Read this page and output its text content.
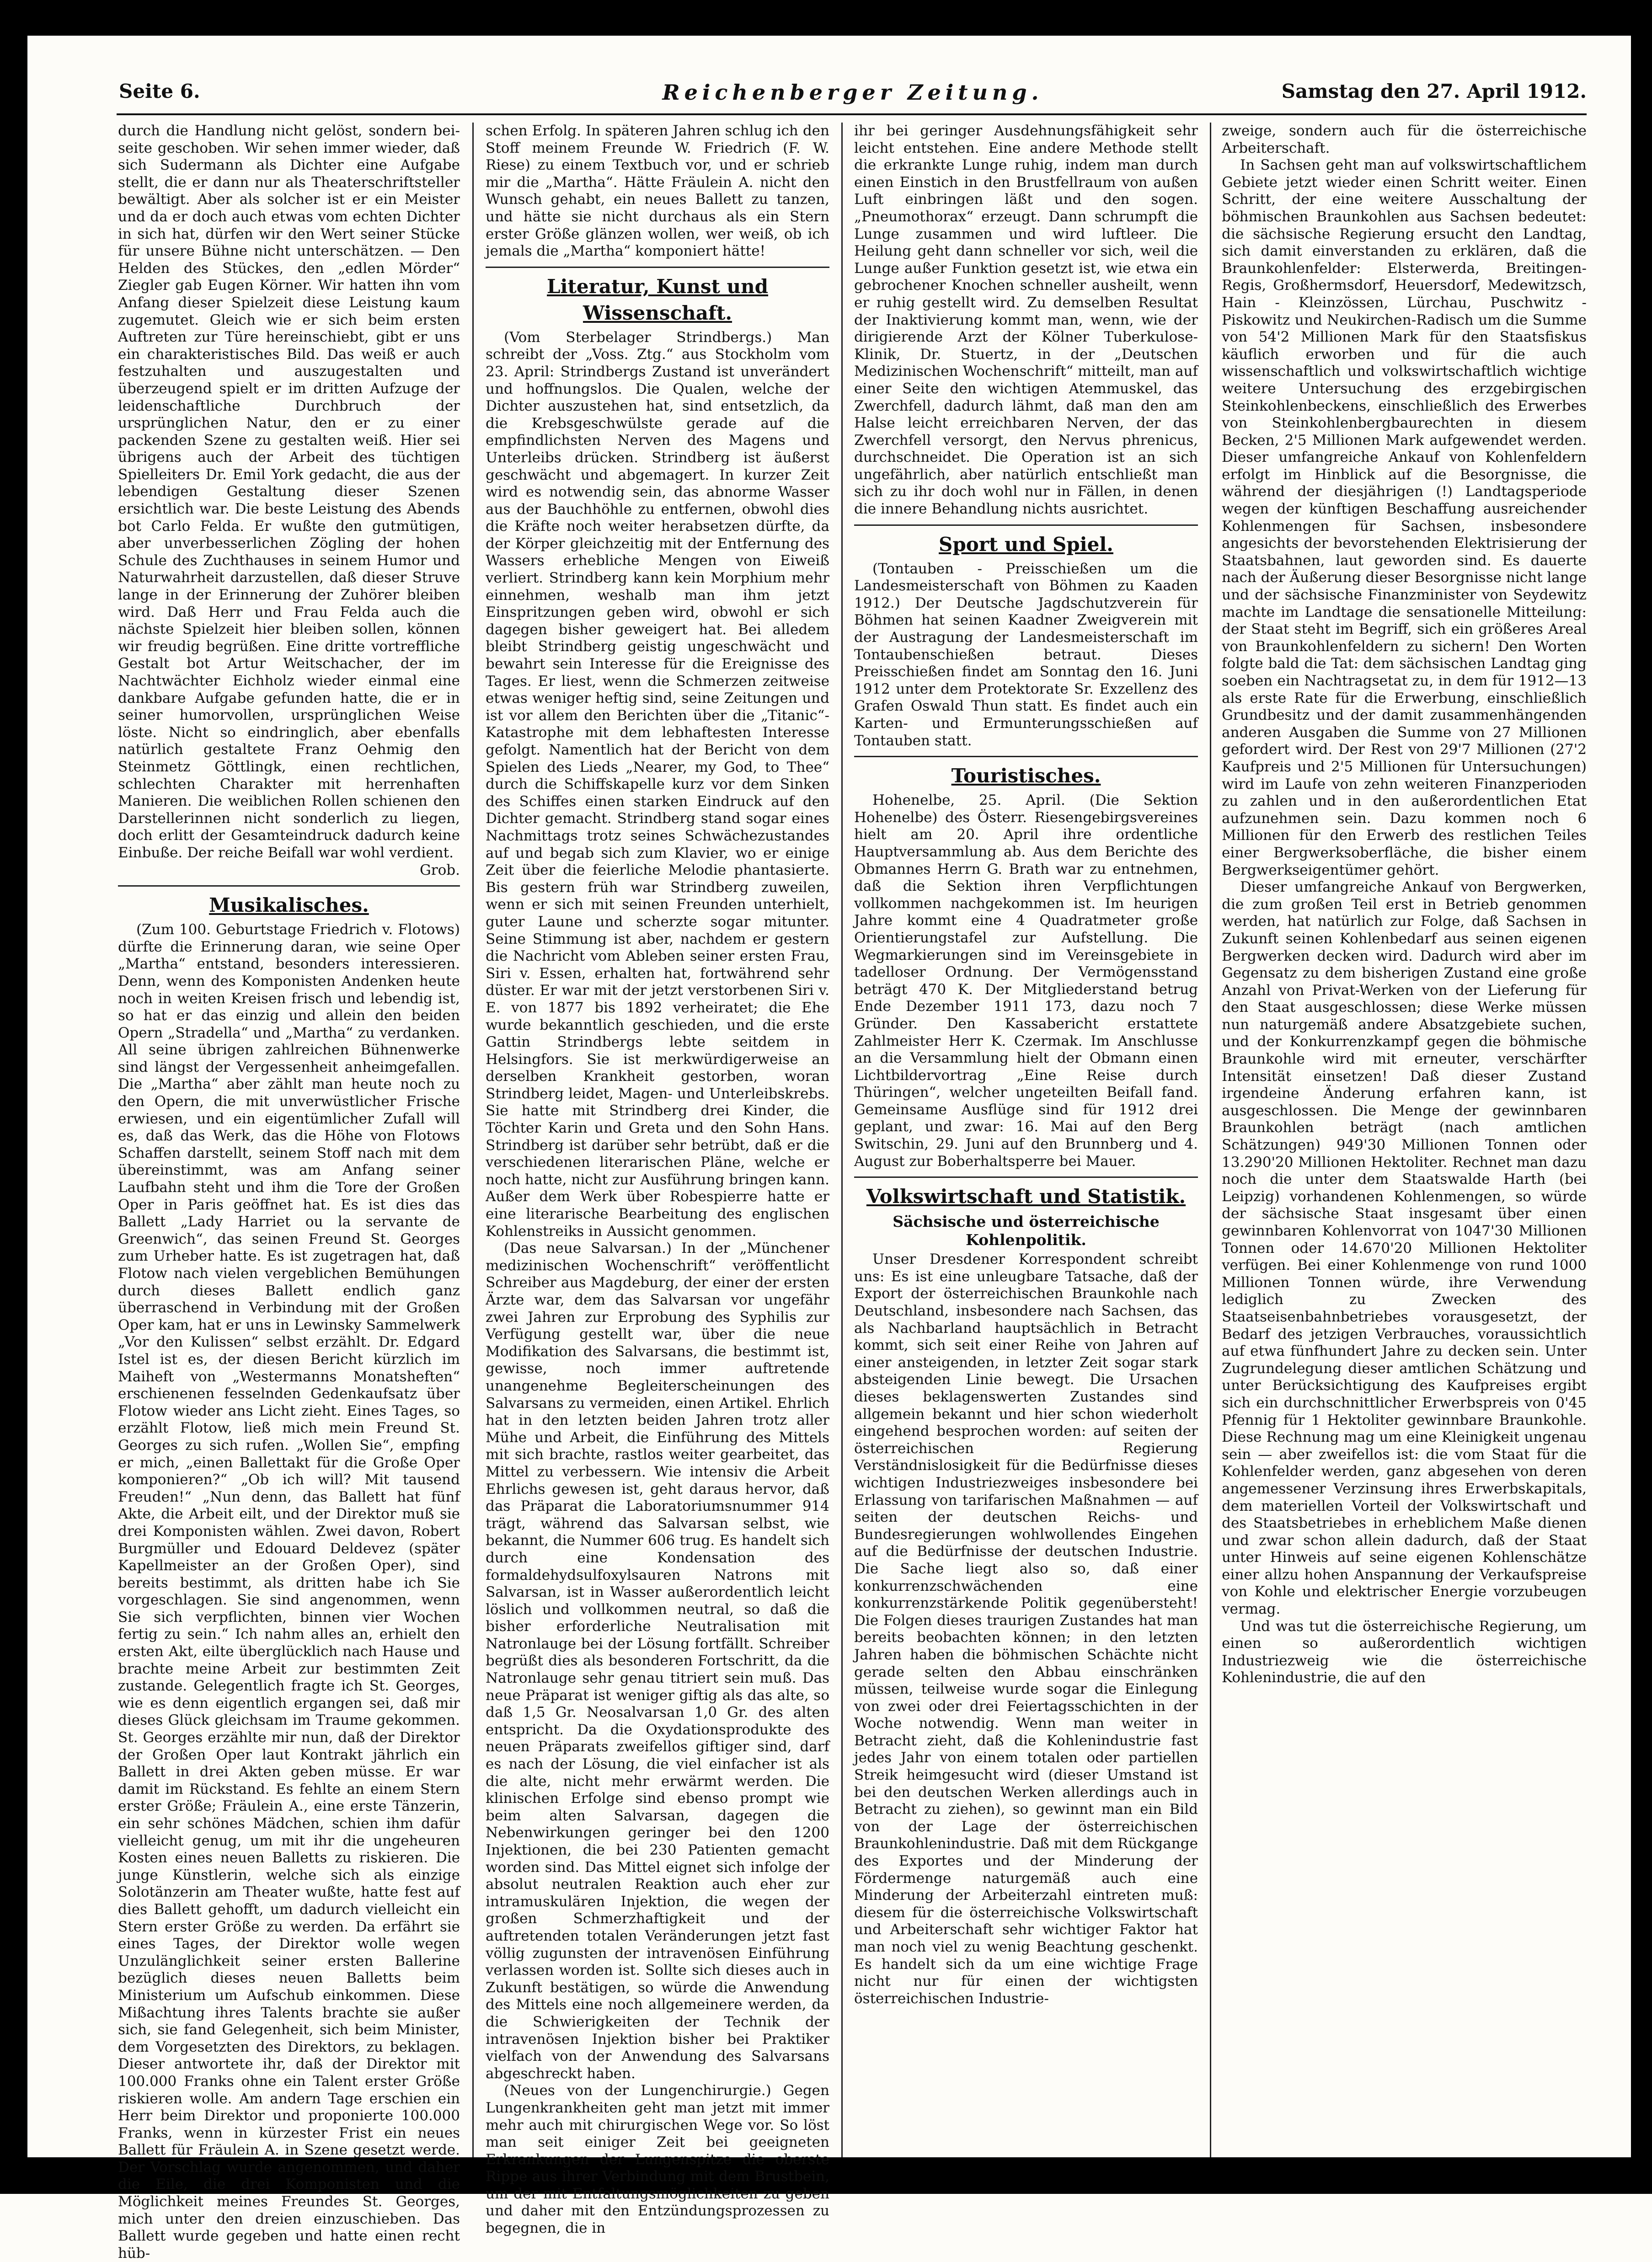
Seite 6.	Reichenberger Zeitung.	Samstag den 27. April 1912.

durch die Handlung nicht gelöst, sondern bei- seite geschoben. Wir sehen immer wieder, daß sich Sudermann als Dichter eine Aufgabe stellt, die er dann nur als Theaterschriftsteller bewältigt. Aber als solcher ist er ein Meister und da er doch auch etwas vom echten Dichter in sich hat, dürfen wir den Wert seiner Stücke für unsere Bühne nicht unterschätzen. — Den Helden des Stückes, den „edlen Mörder“ Ziegler gab Eugen Körner. Wir hatten ihn vom Anfang dieser Spielzeit diese Leistung kaum zugemutet. Gleich wie er sich beim ersten Auftreten zur Türe hereinschiebt, gibt er uns ein charakteristisches Bild. Das weiß er auch festzuhalten und auszugestalten und überzeugend spielt er im dritten Aufzuge der leidenschaftliche Durchbruch der ursprünglichen Natur, den er zu einer packenden Szene zu gestalten weiß. Hier sei übrigens auch der Arbeit des tüchtigen Spielleiters Dr. Emil York gedacht, die aus der lebendigen Gestaltung dieser Szenen ersichtlich war. Die beste Leistung des Abends bot Carlo Felda. Er wußte den gutmütigen, aber unverbesserlichen Zögling der hohen Schule des Zuchthauses in seinem Humor und Naturwahrheit darzustellen, daß dieser Struve lange in der Erinnerung der Zuhörer bleiben wird. Daß Herr und Frau Felda auch die nächste Spielzeit hier bleiben sollen, können wir freudig begrüßen. Eine dritte vortreffliche Gestalt bot Artur Weitschacher, der im Nachtwächter Eichholz wieder einmal eine dankbare Aufgabe gefunden hatte, die er in seiner humorvollen, ursprünglichen Weise löste. Nicht so eindringlich, aber ebenfalls natürlich gestaltete Franz Oehmig den Steinmetz Göttlingk, einen rechtlichen, schlechten Charakter mit herrenhaften Manieren. Die weiblichen Rollen schienen den Darstellerinnen nicht sonderlich zu liegen, doch erlitt der Gesamteindruck dadurch keine Einbuße. Der reiche Beifall war wohl verdient.

Grob.
Musikalisches.

(Zum 100. Geburtstage Friedrich v. Flotows) dürfte die Erinnerung daran, wie seine Oper „Martha“ entstand, besonders interessieren. Denn, wenn des Komponisten Andenken heute noch in weiten Kreisen frisch und lebendig ist, so hat er das einzig und allein den beiden Opern „Stradella“ und „Martha“ zu verdanken. All seine übrigen zahlreichen Bühnenwerke sind längst der Vergessenheit anheimgefallen. Die „Martha“ aber zählt man heute noch zu den Opern, die mit unverwüstlicher Frische erwiesen, und ein eigentümlicher Zufall will es, daß das Werk, das die Höhe von Flotows Schaffen darstellt, seinem Stoff nach mit dem übereinstimmt, was am Anfang seiner Laufbahn steht und ihm die Tore der Großen Oper in Paris geöffnet hat. Es ist dies das Ballett „Lady Harriet ou la servante de Greenwich“, das seinen Freund St. Georges zum Urheber hatte. Es ist zugetragen hat, daß Flotow nach vielen vergeblichen Bemühungen durch dieses Ballett endlich ganz überraschend in Verbindung mit der Großen Oper kam, hat er uns in Lewinsky Sammelwerk „Vor den Kulissen“ selbst erzählt. Dr. Edgard Istel ist es, der diesen Bericht kürzlich im Maiheft von „Westermanns Monatsheften“ erschienenen fesselnden Gedenkaufsatz über Flotow wieder ans Licht zieht. Eines Tages, so erzählt Flotow, ließ mich mein Freund St. Georges zu sich rufen. „Wollen Sie“, empfing er mich, „einen Ballettakt für die Große Oper komponieren?“ „Ob ich will? Mit tausend Freuden!“ „Nun denn, das Ballett hat fünf Akte, die Arbeit eilt, und der Direktor muß sie drei Komponisten wählen. Zwei davon, Robert Burgmüller und Edouard Deldevez (später Kapellmeister an der Großen Oper), sind bereits bestimmt, als dritten habe ich Sie vorgeschlagen. Sie sind angenommen, wenn Sie sich verpflichten, binnen vier Wochen fertig zu sein.“ Ich nahm alles an, erhielt den ersten Akt, eilte überglücklich nach Hause und brachte meine Arbeit zur bestimmten Zeit zustande. Gelegentlich fragte ich St. Georges, wie es denn eigentlich ergangen sei, daß mir dieses Glück gleichsam im Traume gekommen. St. Georges erzählte mir nun, daß der Direktor der Großen Oper laut Kontrakt jährlich ein Ballett in drei Akten geben müsse. Er war damit im Rückstand. Es fehlte an einem Stern erster Größe; Fräulein A., eine erste Tänzerin, ein sehr schönes Mädchen, schien ihm dafür vielleicht genug, um mit ihr die ungeheuren Kosten eines neuen Balletts zu riskieren. Die junge Künstlerin, welche sich als einzige Solotänzerin am Theater wußte, hatte fest auf dies Ballett gehofft, um dadurch vielleicht ein Stern erster Größe zu werden. Da erfährt sie eines Tages, der Direktor wolle wegen Unzulänglichkeit seiner ersten Ballerine bezüglich dieses neuen Balletts beim Ministerium um Aufschub einkommen. Diese Mißachtung ihres Talents brachte sie außer sich, sie fand Gelegenheit, sich beim Minister, dem Vorgesetzten des Direktors, zu beklagen. Dieser antwortete ihr, daß der Direktor mit 100.000 Franks ohne ein Talent erster Größe riskieren wolle. Am andern Tage erschien ein Herr beim Direktor und proponierte 100.000 Franks, wenn in kürzester Frist ein neues Ballett für Fräulein A. in Szene gesetzt werde. Der Vorschlag wurde angenommen, und daher die Eile, die drei Komponisten und die Möglichkeit meines Freundes St. Georges, mich unter den dreien einzuschieben. Das Ballett wurde gegeben und hatte einen recht hüb-

schen Erfolg. In späteren Jahren schlug ich den Stoff meinem Freunde W. Friedrich (F. W. Riese) zu einem Textbuch vor, und er schrieb mir die „Martha“. Hätte Fräulein A. nicht den Wunsch gehabt, ein neues Ballett zu tanzen, und hätte sie nicht durchaus als ein Stern erster Größe glänzen wollen, wer weiß, ob ich jemals die „Martha“ komponiert hätte!

Literatur, Kunst und Wissenschaft.

(Vom Sterbelager Strindbergs.) Man schreibt der „Voss. Ztg.“ aus Stockholm vom 23. April: Strindbergs Zustand ist unverändert und hoffnungslos. Die Qualen, welche der Dichter auszustehen hat, sind entsetzlich, da die Krebsgeschwülste gerade auf die empfindlichsten Nerven des Magens und Unterleibs drücken. Strindberg ist äußerst geschwächt und abgemagert. In kurzer Zeit wird es notwendig sein, das abnorme Wasser aus der Bauchhöhle zu entfernen, obwohl dies die Kräfte noch weiter herabsetzen dürfte, da der Körper gleichzeitig mit der Entfernung des Wassers erhebliche Mengen von Eiweiß verliert. Strindberg kann kein Morphium mehr einnehmen, weshalb man ihm jetzt Einspritzungen geben wird, obwohl er sich dagegen bisher geweigert hat. Bei alledem bleibt Strindberg geistig ungeschwächt und bewahrt sein Interesse für die Ereignisse des Tages. Er liest, wenn die Schmerzen zeitweise etwas weniger heftig sind, seine Zeitungen und ist vor allem den Berichten über die „Titanic“-Katastrophe mit dem lebhaftesten Interesse gefolgt. Namentlich hat der Bericht von dem Spielen des Lieds „Nearer, my God, to Thee“ durch die Schiffskapelle kurz vor dem Sinken des Schiffes einen starken Eindruck auf den Dichter gemacht. Strindberg stand sogar eines Nachmittags trotz seines Schwächezustandes auf und begab sich zum Klavier, wo er einige Zeit über die feierliche Melodie phantasierte. Bis gestern früh war Strindberg zuweilen, wenn er sich mit seinen Freunden unterhielt, guter Laune und scherzte sogar mitunter. Seine Stimmung ist aber, nachdem er gestern die Nachricht vom Ableben seiner ersten Frau, Siri v. Essen, erhalten hat, fortwährend sehr düster. Er war mit der jetzt verstorbenen Siri v. E. von 1877 bis 1892 verheiratet; die Ehe wurde bekanntlich geschieden, und die erste Gattin Strindbergs lebte seitdem in Helsingfors. Sie ist merkwürdigerweise an derselben Krankheit gestorben, woran Strindberg leidet, Magen- und Unterleibskrebs. Sie hatte mit Strindberg drei Kinder, die Töchter Karin und Greta und den Sohn Hans. Strindberg ist darüber sehr betrübt, daß er die verschiedenen literarischen Pläne, welche er noch hatte, nicht zur Ausführung bringen kann. Außer dem Werk über Robespierre hatte er eine literarische Bearbeitung des englischen Kohlenstreiks in Aussicht genommen.

(Das neue Salvarsan.) In der „Münchener medizinischen Wochenschrift“ veröffentlicht Schreiber aus Magdeburg, der einer der ersten Ärzte war, dem das Salvarsan vor ungefähr zwei Jahren zur Erprobung des Syphilis zur Verfügung gestellt war, über die neue Modifikation des Salvarsans, die bestimmt ist, gewisse, noch immer auftretende unangenehme Begleiterscheinungen des Salvarsans zu vermeiden, einen Artikel. Ehrlich hat in den letzten beiden Jahren trotz aller Mühe und Arbeit, die Einführung des Mittels mit sich brachte, rastlos weiter gearbeitet, das Mittel zu verbessern. Wie intensiv die Arbeit Ehrlichs gewesen ist, geht daraus hervor, daß das Präparat die Laboratoriumsnummer 914 trägt, während das Salvarsan selbst, wie bekannt, die Nummer 606 trug. Es handelt sich durch eine Kondensation des formaldehydsulfoxylsauren Natrons mit Salvarsan, ist in Wasser außerordentlich leicht löslich und vollkommen neutral, so daß die bisher erforderliche Neutralisation mit Natronlauge bei der Lösung fortfällt. Schreiber begrüßt dies als besonderen Fortschritt, da die Natronlauge sehr genau titriert sein muß. Das neue Präparat ist weniger giftig als das alte, so daß 1,5 Gr. Neosalvarsan 1,0 Gr. des alten entspricht. Da die Oxydationsprodukte des neuen Präparats zweifellos giftiger sind, darf es nach der Lösung, die viel einfacher ist als die alte, nicht mehr erwärmt werden. Die klinischen Erfolge sind ebenso prompt wie beim alten Salvarsan, dagegen die Nebenwirkungen geringer bei den 1200 Injektionen, die bei 230 Patienten gemacht worden sind. Das Mittel eignet sich infolge der absolut neutralen Reaktion auch eher zur intramuskulären Injektion, die wegen der großen Schmerzhaftigkeit und der auftretenden totalen Veränderungen jetzt fast völlig zugunsten der intravenösen Einführung verlassen worden ist. Sollte sich dieses auch in Zukunft bestätigen, so würde die Anwendung des Mittels eine noch allgemeinere werden, da die Schwierigkeiten der Technik der intravenösen Injektion bisher bei Praktiker vielfach von der Anwendung des Salvarsans abgeschreckt haben.

(Neues von der Lungenchirurgie.) Gegen Lungenkrankheiten geht man jetzt mit immer mehr auch mit chirurgischen Wege vor. So löst man seit einiger Zeit bei geeigneten Erkrankungen der Lungenspitze die oberste Rippe aus ihrer Verbindung mit dem Brustbein, um der mit Entfaltungsmöglichkeiten zu geben und daher mit den Entzündungsprozessen zu begegnen, die in

ihr bei geringer Ausdehnungsfähigkeit sehr leicht entstehen. Eine andere Methode stellt die erkrankte Lunge ruhig, indem man durch einen Einstich in den Brustfellraum von außen Luft einbringen läßt und den sogen. „Pneumothorax“ erzeugt. Dann schrumpft die Lunge zusammen und wird luftleer. Die Heilung geht dann schneller vor sich, weil die Lunge außer Funktion gesetzt ist, wie etwa ein gebrochener Knochen schneller ausheilt, wenn er ruhig gestellt wird. Zu demselben Resultat der Inaktivierung kommt man, wenn, wie der dirigierende Arzt der Kölner Tuberkulose-Klinik, Dr. Stuertz, in der „Deutschen Medizinischen Wochenschrift“ mitteilt, man auf einer Seite den wichtigen Atemmuskel, das Zwerchfell, dadurch lähmt, daß man den am Halse leicht erreichbaren Nerven, der das Zwerchfell versorgt, den Nervus phrenicus, durchschneidet. Die Operation ist an sich ungefährlich, aber natürlich entschließt man sich zu ihr doch wohl nur in Fällen, in denen die innere Behandlung nichts ausrichtet.

Sport und Spiel.

(Tontauben - Preisschießen um die Landesmeisterschaft von Böhmen zu Kaaden 1912.) Der Deutsche Jagdschutzverein für Böhmen hat seinen Kaadner Zweigverein mit der Austragung der Landesmeisterschaft im Tontaubenschießen betraut. Dieses Preisschießen findet am Sonntag den 16. Juni 1912 unter dem Protektorate Sr. Exzellenz des Grafen Oswald Thun statt. Es findet auch ein Karten- und Ermunterungsschießen auf Tontauben statt.

Touristisches.

Hohenelbe, 25. April. (Die Sektion Hohenelbe) des Österr. Riesengebirgsvereines hielt am 20. April ihre ordentliche Hauptversammlung ab. Aus dem Berichte des Obmannes Herrn G. Brath war zu entnehmen, daß die Sektion ihren Verpflichtungen vollkommen nachgekommen ist. Im heurigen Jahre kommt eine 4 Quadratmeter große Orientierungstafel zur Aufstellung. Die Wegmarkierungen sind im Vereinsgebiete in tadelloser Ordnung. Der Vermögensstand beträgt 470 K. Der Mitgliederstand betrug Ende Dezember 1911 173, dazu noch 7 Gründer. Den Kassabericht erstattete Zahlmeister Herr K. Czermak. Im Anschlusse an die Versammlung hielt der Obmann einen Lichtbildervortrag „Eine Reise durch Thüringen“, welcher ungeteilten Beifall fand. Gemeinsame Ausflüge sind für 1912 drei geplant, und zwar: 16. Mai auf den Berg Switschin, 29. Juni auf den Brunnberg und 4. August zur Boberhaltsperre bei Mauer.

Volkswirtschaft und Statistik.
Sächsische und österreichische Kohlenpolitik.

Unser Dresdener Korrespondent schreibt uns: Es ist eine unleugbare Tatsache, daß der Export der österreichischen Braunkohle nach Deutschland, insbesondere nach Sachsen, das als Nachbarland hauptsächlich in Betracht kommt, sich seit einer Reihe von Jahren auf einer ansteigenden, in letzter Zeit sogar stark absteigenden Linie bewegt. Die Ursachen dieses beklagenswerten Zustandes sind allgemein bekannt und hier schon wiederholt eingehend besprochen worden: auf seiten der österreichischen Regierung Verständnislosigkeit für die Bedürfnisse dieses wichtigen Industriezweiges insbesondere bei Erlassung von tarifarischen Maßnahmen — auf seiten der deutschen Reichs- und Bundesregierungen wohlwollendes Eingehen auf die Bedürfnisse der deutschen Industrie. Die Sache liegt also so, daß einer konkurrenzschwächenden eine konkurrenzstärkende Politik gegenübersteht! Die Folgen dieses traurigen Zustandes hat man bereits beobachten können; in den letzten Jahren haben die böhmischen Schächte nicht gerade selten den Abbau einschränken müssen, teilweise wurde sogar die Einlegung von zwei oder drei Feiertagsschichten in der Woche notwendig. Wenn man weiter in Betracht zieht, daß die Kohlenindustrie fast jedes Jahr von einem totalen oder partiellen Streik heimgesucht wird (dieser Umstand ist bei den deutschen Werken allerdings auch in Betracht zu ziehen), so gewinnt man ein Bild von der Lage der österreichischen Braunkohlenindustrie. Daß mit dem Rückgange des Exportes und der Minderung der Fördermenge naturgemäß auch eine Minderung der Arbeiterzahl eintreten muß: diesem für die österreichische Volkswirtschaft und Arbeiterschaft sehr wichtiger Faktor hat man noch viel zu wenig Beachtung geschenkt. Es handelt sich da um eine wichtige Frage nicht nur für einen der wichtigsten österreichischen Industrie-

zweige, sondern auch für die österreichische Arbeiterschaft.

In Sachsen geht man auf volkswirtschaftlichem Gebiete jetzt wieder einen Schritt weiter. Einen Schritt, der eine weitere Ausschaltung der böhmischen Braunkohlen aus Sachsen bedeutet: die sächsische Regierung ersucht den Landtag, sich damit einverstanden zu erklären, daß die Braunkohlenfelder: Elsterwerda, Breitingen-Regis, Großhermsdorf, Heuersdorf, Medewitzsch, Hain - Kleinzössen, Lürchau, Puschwitz - Piskowitz und Neukirchen-Radisch um die Summe von 54'2 Millionen Mark für den Staatsfiskus käuflich erworben und für die auch wissenschaftlich und volkswirtschaftlich wichtige weitere Untersuchung des erzgebirgischen Steinkohlenbeckens, einschließlich des Erwerbes von Steinkohlenbergbaurechten in diesem Becken, 2'5 Millionen Mark aufgewendet werden. Dieser umfangreiche Ankauf von Kohlenfeldern erfolgt im Hinblick auf die Besorgnisse, die während der diesjährigen (!) Landtagsperiode wegen der künftigen Beschaffung ausreichender Kohlenmengen für Sachsen, insbesondere angesichts der bevorstehenden Elektrisierung der Staatsbahnen, laut geworden sind. Es dauerte nach der Äußerung dieser Besorgnisse nicht lange und der sächsische Finanzminister von Seydewitz machte im Landtage die sensationelle Mitteilung: der Staat steht im Begriff, sich ein größeres Areal von Braunkohlenfeldern zu sichern! Den Worten folgte bald die Tat: dem sächsischen Landtag ging soeben ein Nachtragsetat zu, in dem für 1912—13 als erste Rate für die Erwerbung, einschließlich Grundbesitz und der damit zusammenhängenden anderen Ausgaben die Summe von 27 Millionen gefordert wird. Der Rest von 29'7 Millionen (27'2 Kaufpreis und 2'5 Millionen für Untersuchungen) wird im Laufe von zehn weiteren Finanzperioden zu zahlen und in den außerordentlichen Etat aufzunehmen sein. Dazu kommen noch 6 Millionen für den Erwerb des restlichen Teiles einer Bergwerksoberfläche, die bisher einem Bergwerkseigentümer gehört.

Dieser umfangreiche Ankauf von Bergwerken, die zum großen Teil erst in Betrieb genommen werden, hat natürlich zur Folge, daß Sachsen in Zukunft seinen Kohlenbedarf aus seinen eigenen Bergwerken decken wird. Dadurch wird aber im Gegensatz zu dem bisherigen Zustand eine große Anzahl von Privat-Werken von der Lieferung für den Staat ausgeschlossen; diese Werke müssen nun naturgemäß andere Absatzgebiete suchen, und der Konkurrenzkampf gegen die böhmische Braunkohle wird mit erneuter, verschärfter Intensität einsetzen! Daß dieser Zustand irgendeine Änderung erfahren kann, ist ausgeschlossen. Die Menge der gewinnbaren Braunkohlen beträgt (nach amtlichen Schätzungen) 949'30 Millionen Tonnen oder 13.290'20 Millionen Hektoliter. Rechnet man dazu noch die unter dem Staatswalde Harth (bei Leipzig) vorhandenen Kohlenmengen, so würde der sächsische Staat insgesamt über einen gewinnbaren Kohlenvorrat von 1047'30 Millionen Tonnen oder 14.670'20 Millionen Hektoliter verfügen. Bei einer Kohlenmenge von rund 1000 Millionen Tonnen würde, ihre Verwendung lediglich zu Zwecken des Staatseisenbahnbetriebes vorausgesetzt, der Bedarf des jetzigen Verbrauches, voraussichtlich auf etwa fünfhundert Jahre zu decken sein. Unter Zugrundelegung dieser amtlichen Schätzung und unter Berücksichtigung des Kaufpreises ergibt sich ein durchschnittlicher Erwerbspreis von 0'45 Pfennig für 1 Hektoliter gewinnbare Braunkohle. Diese Rechnung mag um eine Kleinigkeit ungenau sein — aber zweifellos ist: die vom Staat für die Kohlenfelder werden, ganz abgesehen von deren angemessener Verzinsung ihres Erwerbskapitals, dem materiellen Vorteil der Volkswirtschaft und des Staatsbetriebes in erheblichem Maße dienen und zwar schon allein dadurch, daß der Staat unter Hinweis auf seine eigenen Kohlenschätze einer allzu hohen Anspannung der Verkaufspreise von Kohle und elektrischer Energie vorzubeugen vermag.

Und was tut die österreichische Regierung, um einen so außerordentlich wichtigen Industriezweig wie die österreichische Kohlenindustrie, die auf den
